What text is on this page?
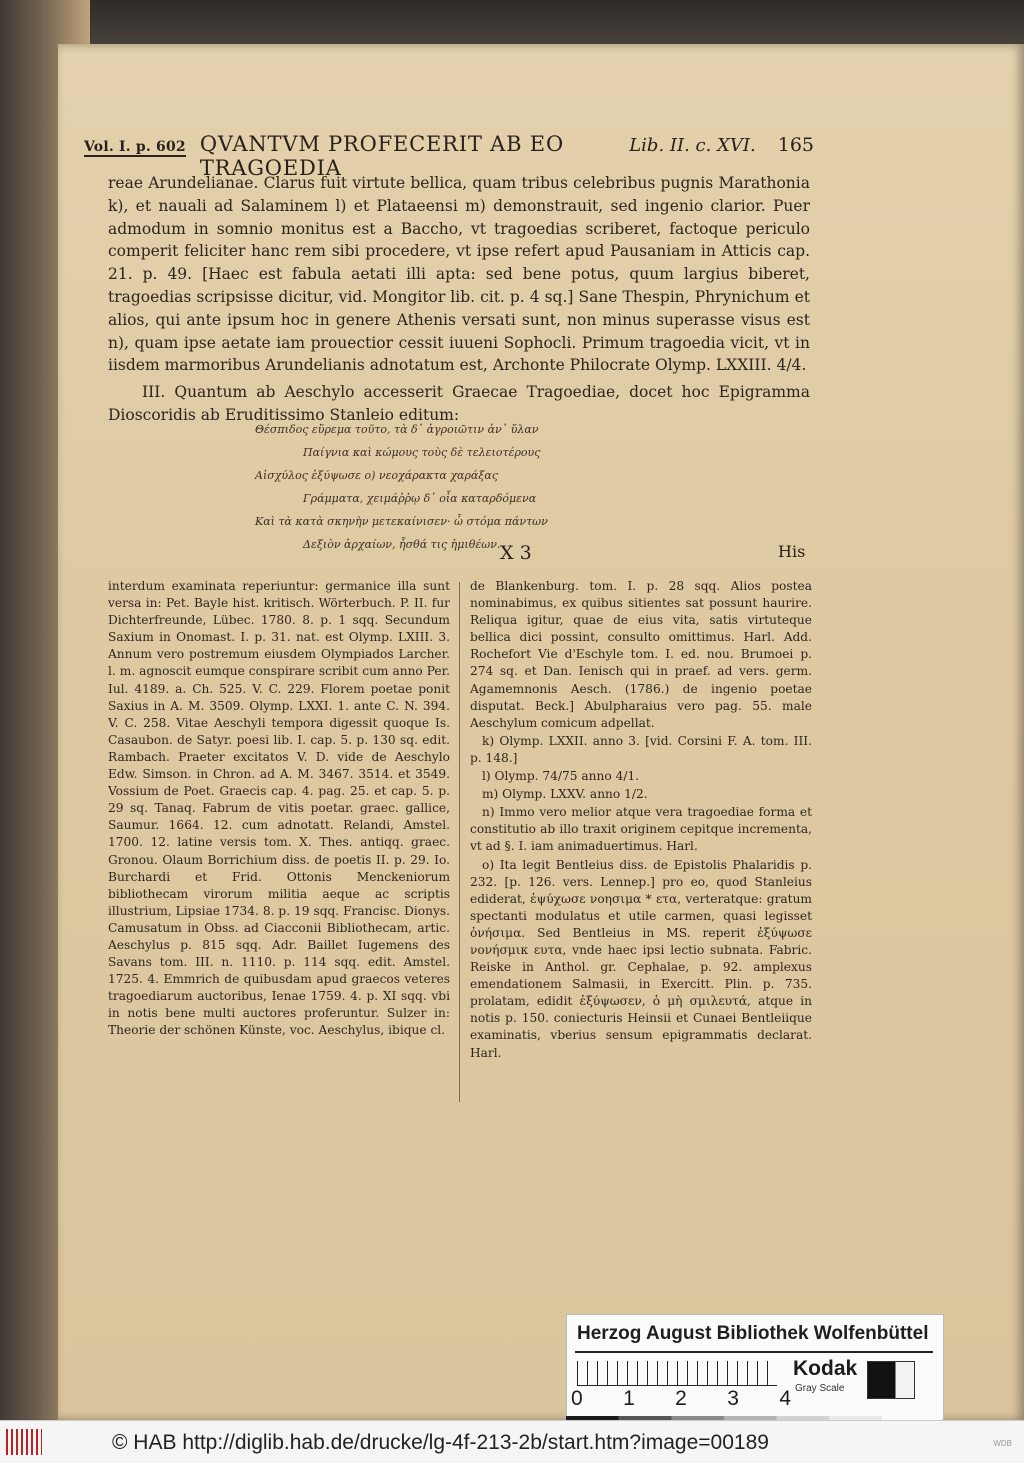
Vol. I. p. 602 QVANTVM PROFECERIT AB EO TRAGOEDIA
Lib. II. c. XVI. 165

reae Arundelianae. Clarus fuit virtute bellica, quam tribus celebribus pugnis Marathonia k), et nauali ad Salaminem l) et Plataeensi m) demonstrauit, sed ingenio clarior. Puer admodum in somnio monitus est a Baccho, vt tragoedias scriberet, factoque periculo comperit feliciter hanc rem sibi procedere, vt ipse refert apud Pausaniam in Atticis cap. 21. p. 49. [Haec est fabula aetati illi apta: sed bene potus, quum largius biberet, tragoedias scripsisse dicitur, vid. Mongitor lib. cit. p. 4 sq.] Sane Thespin, Phrynichum et alios, qui ante ipsum hoc in genere Athenis versati sunt, non minus superasse visus est n), quam ipse aetate iam prouectior cessit iuueni Sophocli. Primum tragoedia vicit, vt in iisdem marmoribus Arundelianis adnotatum est, Archonte Philocrate Olymp. LXXIII. 4/4.

III. Quantum ab Aeschylo accesserit Graecae Tragoediae, docet hoc Epigramma Dioscoridis ab Eruditissimo Stanleio editum:

Θέσπιδος εὕρεμα τοῦτο, τὰ δ᾽ ἀγροιῶτιν ἀν᾽ ὕλαν
Παίγνια καὶ κώμους τοὺς δὲ τελειοτέρους
Αἰσχύλος ἐξύψωσε o) νεοχάρακτα χαράξας
Γράμματα, χειμάῤῥῳ δ᾽ οἷα καταρδόμενα
Καὶ τὰ κατὰ σκηνὴν μετεκαίνισεν· ὦ στόμα πάντων
Δεξιὸν ἀρχαίων, ἦσθά τις ἡμιθέων. X 3	His

interdum examinata reperiuntur: germanice illa sunt versa in: Pet. Bayle hist. kritisch. Wörterbuch. P. II. fur Dichterfreunde, Lübec. 1780. 8. p. 1 sqq. Secundum Saxium in Onomast. I. p. 31. nat. est Olymp. LXIII. 3. Annum vero postremum eiusdem Olympiados Larcher. l. m. agnoscit eumque conspirare scribit cum anno Per. Iul. 4189. a. Ch. 525. V. C. 229. Florem poetae ponit Saxius in A. M. 3509. Olymp. LXXI. 1. ante C. N. 394. V. C. 258. Vitae Aeschyli tempora digessit quoque Is. Casaubon. de Satyr. poesi lib. I. cap. 5. p. 130 sq. edit. Rambach. Praeter excitatos V. D. vide de Aeschylo Edw. Simson. in Chron. ad A. M. 3467. 3514. et 3549. Vossium de Poet. Graecis cap. 4. pag. 25. et cap. 5. p. 29 sq. Tanaq. Fabrum de vitis poetar. graec. gallice, Saumur. 1664. 12. cum adnotatt. Relandi, Amstel. 1700. 12. latine versis tom. X. Thes. antiqq. graec. Gronou. Olaum Borrichium diss. de poetis II. p. 29. Io. Burchardi et Frid. Ottonis Menckeniorum bibliothecam virorum militia aeque ac scriptis illustrium, Lipsiae 1734. 8. p. 19 sqq. Francisc. Dionys. Camusatum in Obss. ad Ciacconii Bibliothecam, artic. Aeschylus p. 815 sqq. Adr. Baillet Iugemens des Savans tom. III. n. 1110. p. 114 sqq. edit. Amstel. 1725. 4. Emmrich de quibusdam apud graecos veteres tragoediarum auctoribus, Ienae 1759. 4. p. XI sqq. vbi in notis bene multi auctores proferuntur. Sulzer in: Theorie der schönen Künste, voc. Aeschylus, ibique cl.

de Blankenburg. tom. I. p. 28 sqq. Alios postea nominabimus, ex quibus sitientes sat possunt haurire. Reliqua igitur, quae de eius vita, satis virtuteque bellica dici possint, consulto omittimus. Harl. Add. Rochefort Vie d'Eschyle tom. I. ed. nou. Brumoei p. 274 sq. et Dan. Ienisch qui in praef. ad vers. germ. Agamemnonis Aesch. (1786.) de ingenio poetae disputat. Beck.] Abulpharaius vero pag. 55. male Aeschylum comicum adpellat.

k) Olymp. LXXII. anno 3. [vid. Corsini F. A. tom. III. p. 148.]

l) Olymp. 74/75 anno 4/1.

m) Olymp. LXXV. anno 1/2.

n) Immo vero melior atque vera tragoediae forma et constitutio ab illo traxit originem cepitque incrementa, vt ad §. I. iam animaduertimus. Harl.

o) Ita legit Bentleius diss. de Epistolis Phalaridis p. 232. [p. 126. vers. Lennep.] pro eo, quod Stanleius ediderat, ἐψύχωσε νοησιμα * ετα, verteratque: gratum spectanti modulatus et utile carmen, quasi legisset ὀνήσιμα. Sed Bentleius in MS. reperit ἐξύψωσε νονήσμικ ευτα, vnde haec ipsi lectio subnata. Fabric. Reiske in Anthol. gr. Cephalae, p. 92. amplexus emendationem Salmasii, in Exercitt. Plin. p. 735. prolatam, edidit ἐξύψωσεν, ὁ μὴ σμιλευτά, atque in notis p. 150. coniecturis Heinsii et Cunaei Bentleiique examinatis, vberius sensum epigrammatis declarat. Harl.

Herzog August Bibliothek Wolfenbüttel
0 1 2 3 4
Kodak
Gray Scale
© HAB http://diglib.hab.de/drucke/lg-4f-213-2b/start.htm?image=00189	WDB
